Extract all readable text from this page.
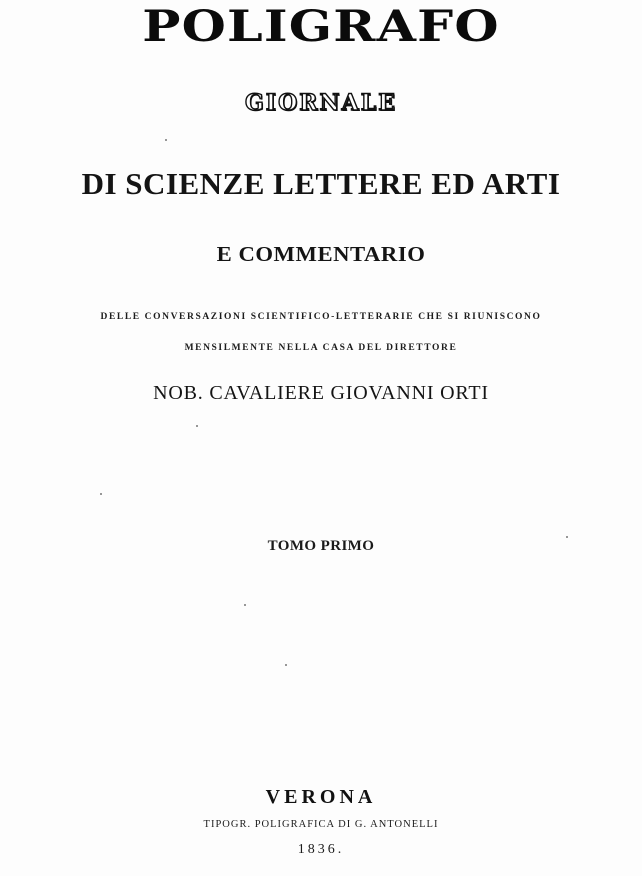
POLIGRAFO
GIORNALE
DI SCIENZE LETTERE ED ARTI
E COMMENTARIO
DELLE CONVERSAZIONI SCIENTIFICO-LETTERARIE CHE SI RIUNISCONO
MENSILMENTE NELLA CASA DEL DIRETTORE
NOB. CAVALIERE GIOVANNI ORTI
TOMO PRIMO
VERONA
TIPOGR. POLIGRAFICA DI G. ANTONELLI
1836.
